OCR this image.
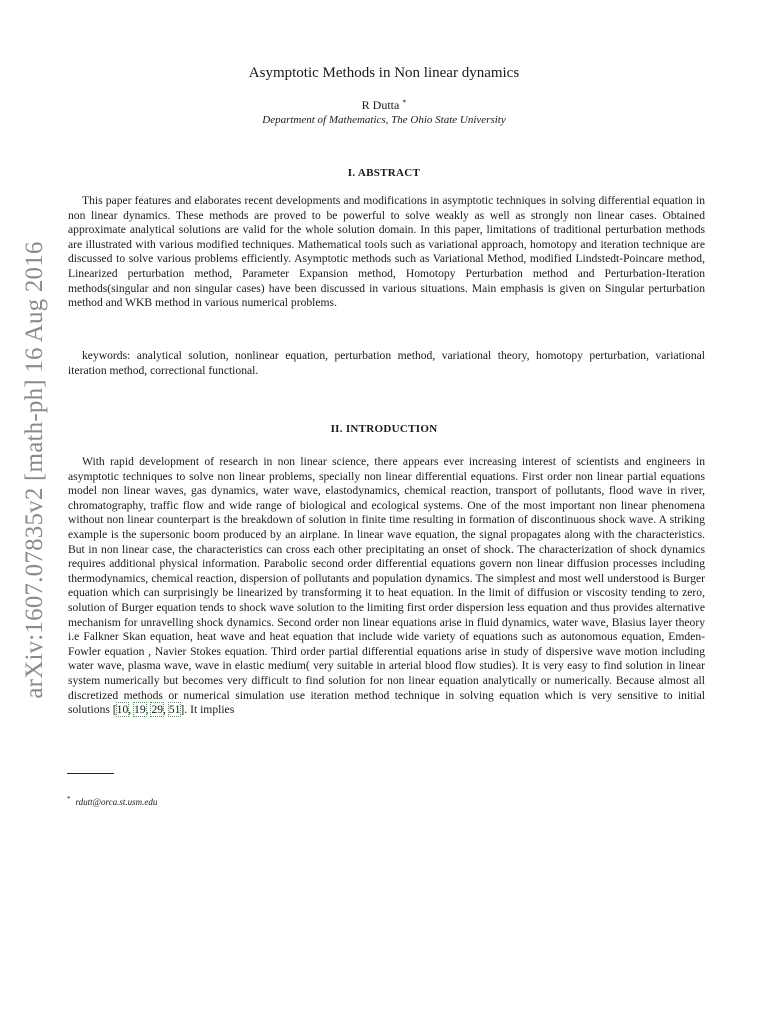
arXiv:1607.07835v2 [math-ph] 16 Aug 2016
Asymptotic Methods in Non linear dynamics
R Dutta *
Department of Mathematics, The Ohio State University
I. ABSTRACT

This paper features and elaborates recent developments and modifications in asymptotic techniques in solving differential equation in non linear dynamics. These methods are proved to be powerful to solve weakly as well as strongly non linear cases. Obtained approximate analytical solutions are valid for the whole solution domain. In this paper, limitations of traditional perturbation methods are illustrated with various modified techniques. Mathematical tools such as variational approach, homotopy and iteration technique are discussed to solve various problems efficiently. Asymptotic methods such as Variational Method, modified Lindstedt-Poincare method, Linearized perturbation method, Parameter Expansion method, Homotopy Perturbation method and Perturbation-Iteration methods(singular and non singular cases) have been discussed in various situations. Main emphasis is given on Singular perturbation method and WKB method in various numerical problems.

keywords: analytical solution, nonlinear equation, perturbation method, variational theory, homotopy perturbation, variational iteration method, correctional functional.

II. INTRODUCTION

With rapid development of research in non linear science, there appears ever increasing interest of scientists and engineers in asymptotic techniques to solve non linear problems, specially non linear differential equations. First order non linear partial equations model non linear waves, gas dynamics, water wave, elastodynamics, chemical reaction, transport of pollutants, flood wave in river, chromatography, traffic flow and wide range of biological and ecological systems. One of the most important non linear phenomena without non linear counterpart is the breakdown of solution in finite time resulting in formation of discontinuous shock wave. A striking example is the supersonic boom produced by an airplane. In linear wave equation, the signal propagates along with the characteristics. But in non linear case, the characteristics can cross each other precipitating an onset of shock. The characterization of shock dynamics requires additional physical information. Parabolic second order differential equations govern non linear diffusion processes including thermodynamics, chemical reaction, dispersion of pollutants and population dynamics. The simplest and most well understood is Burger equation which can surprisingly be linearized by transforming it to heat equation. In the limit of diffusion or viscosity tending to zero, solution of Burger equation tends to shock wave solution to the limiting first order dispersion less equation and thus provides alternative mechanism for unravelling shock dynamics. Second order non linear equations arise in fluid dynamics, water wave, Blasius layer theory i.e Falkner Skan equation, heat wave and heat equation that include wide variety of equations such as autonomous equation, Emden-Fowler equation , Navier Stokes equation. Third order partial differential equations arise in study of dispersive wave motion including water wave, plasma wave, wave in elastic medium( very suitable in arterial blood flow studies). It is very easy to find solution in linear system numerically but becomes very difficult to find solution for non linear equation analytically or numerically. Because almost all discretized methods or numerical simulation use iteration method technique in solving equation which is very sensitive to initial solutions [10, 19, 29, 51]. It implies

* rdutt@orca.st.usm.edu
